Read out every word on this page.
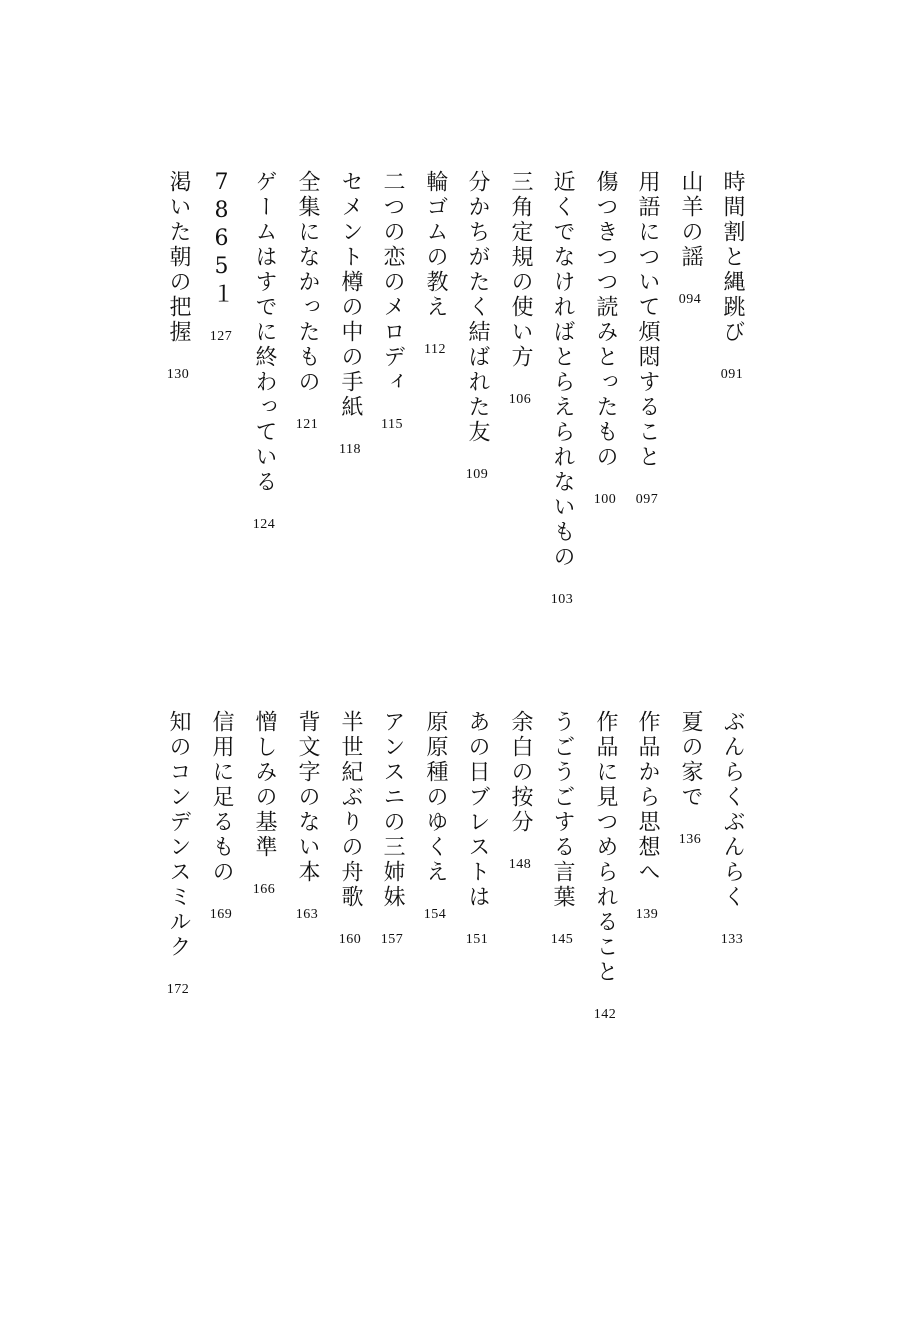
時間割と縄跳び
091
山羊の謡
094
用語について煩悶すること
097
傷つきつつ読みとったもの
100
近くでなければとらえられないもの
103
三角定規の使い方
106
分かちがたく結ばれた友
109
輪ゴムの教え
112
二つの恋のメロディ
115
セメント樽の中の手紙
118
全集になかったもの
121
ゲームはすでに終わっている
124
7865１
127
渇いた朝の把握
130
ぶんらくぶんらく
133
夏の家で
136
作品から思想へ
139
作品に見つめられること
142
うごうごする言葉
145
余白の按分
148
あの日ブレストは
151
原原種のゆくえ
154
アンスニの三姉妹
157
半世紀ぶりの舟歌
160
背文字のない本
163
憎しみの基準
166
信用に足るもの
169
知のコンデンスミルク
172
